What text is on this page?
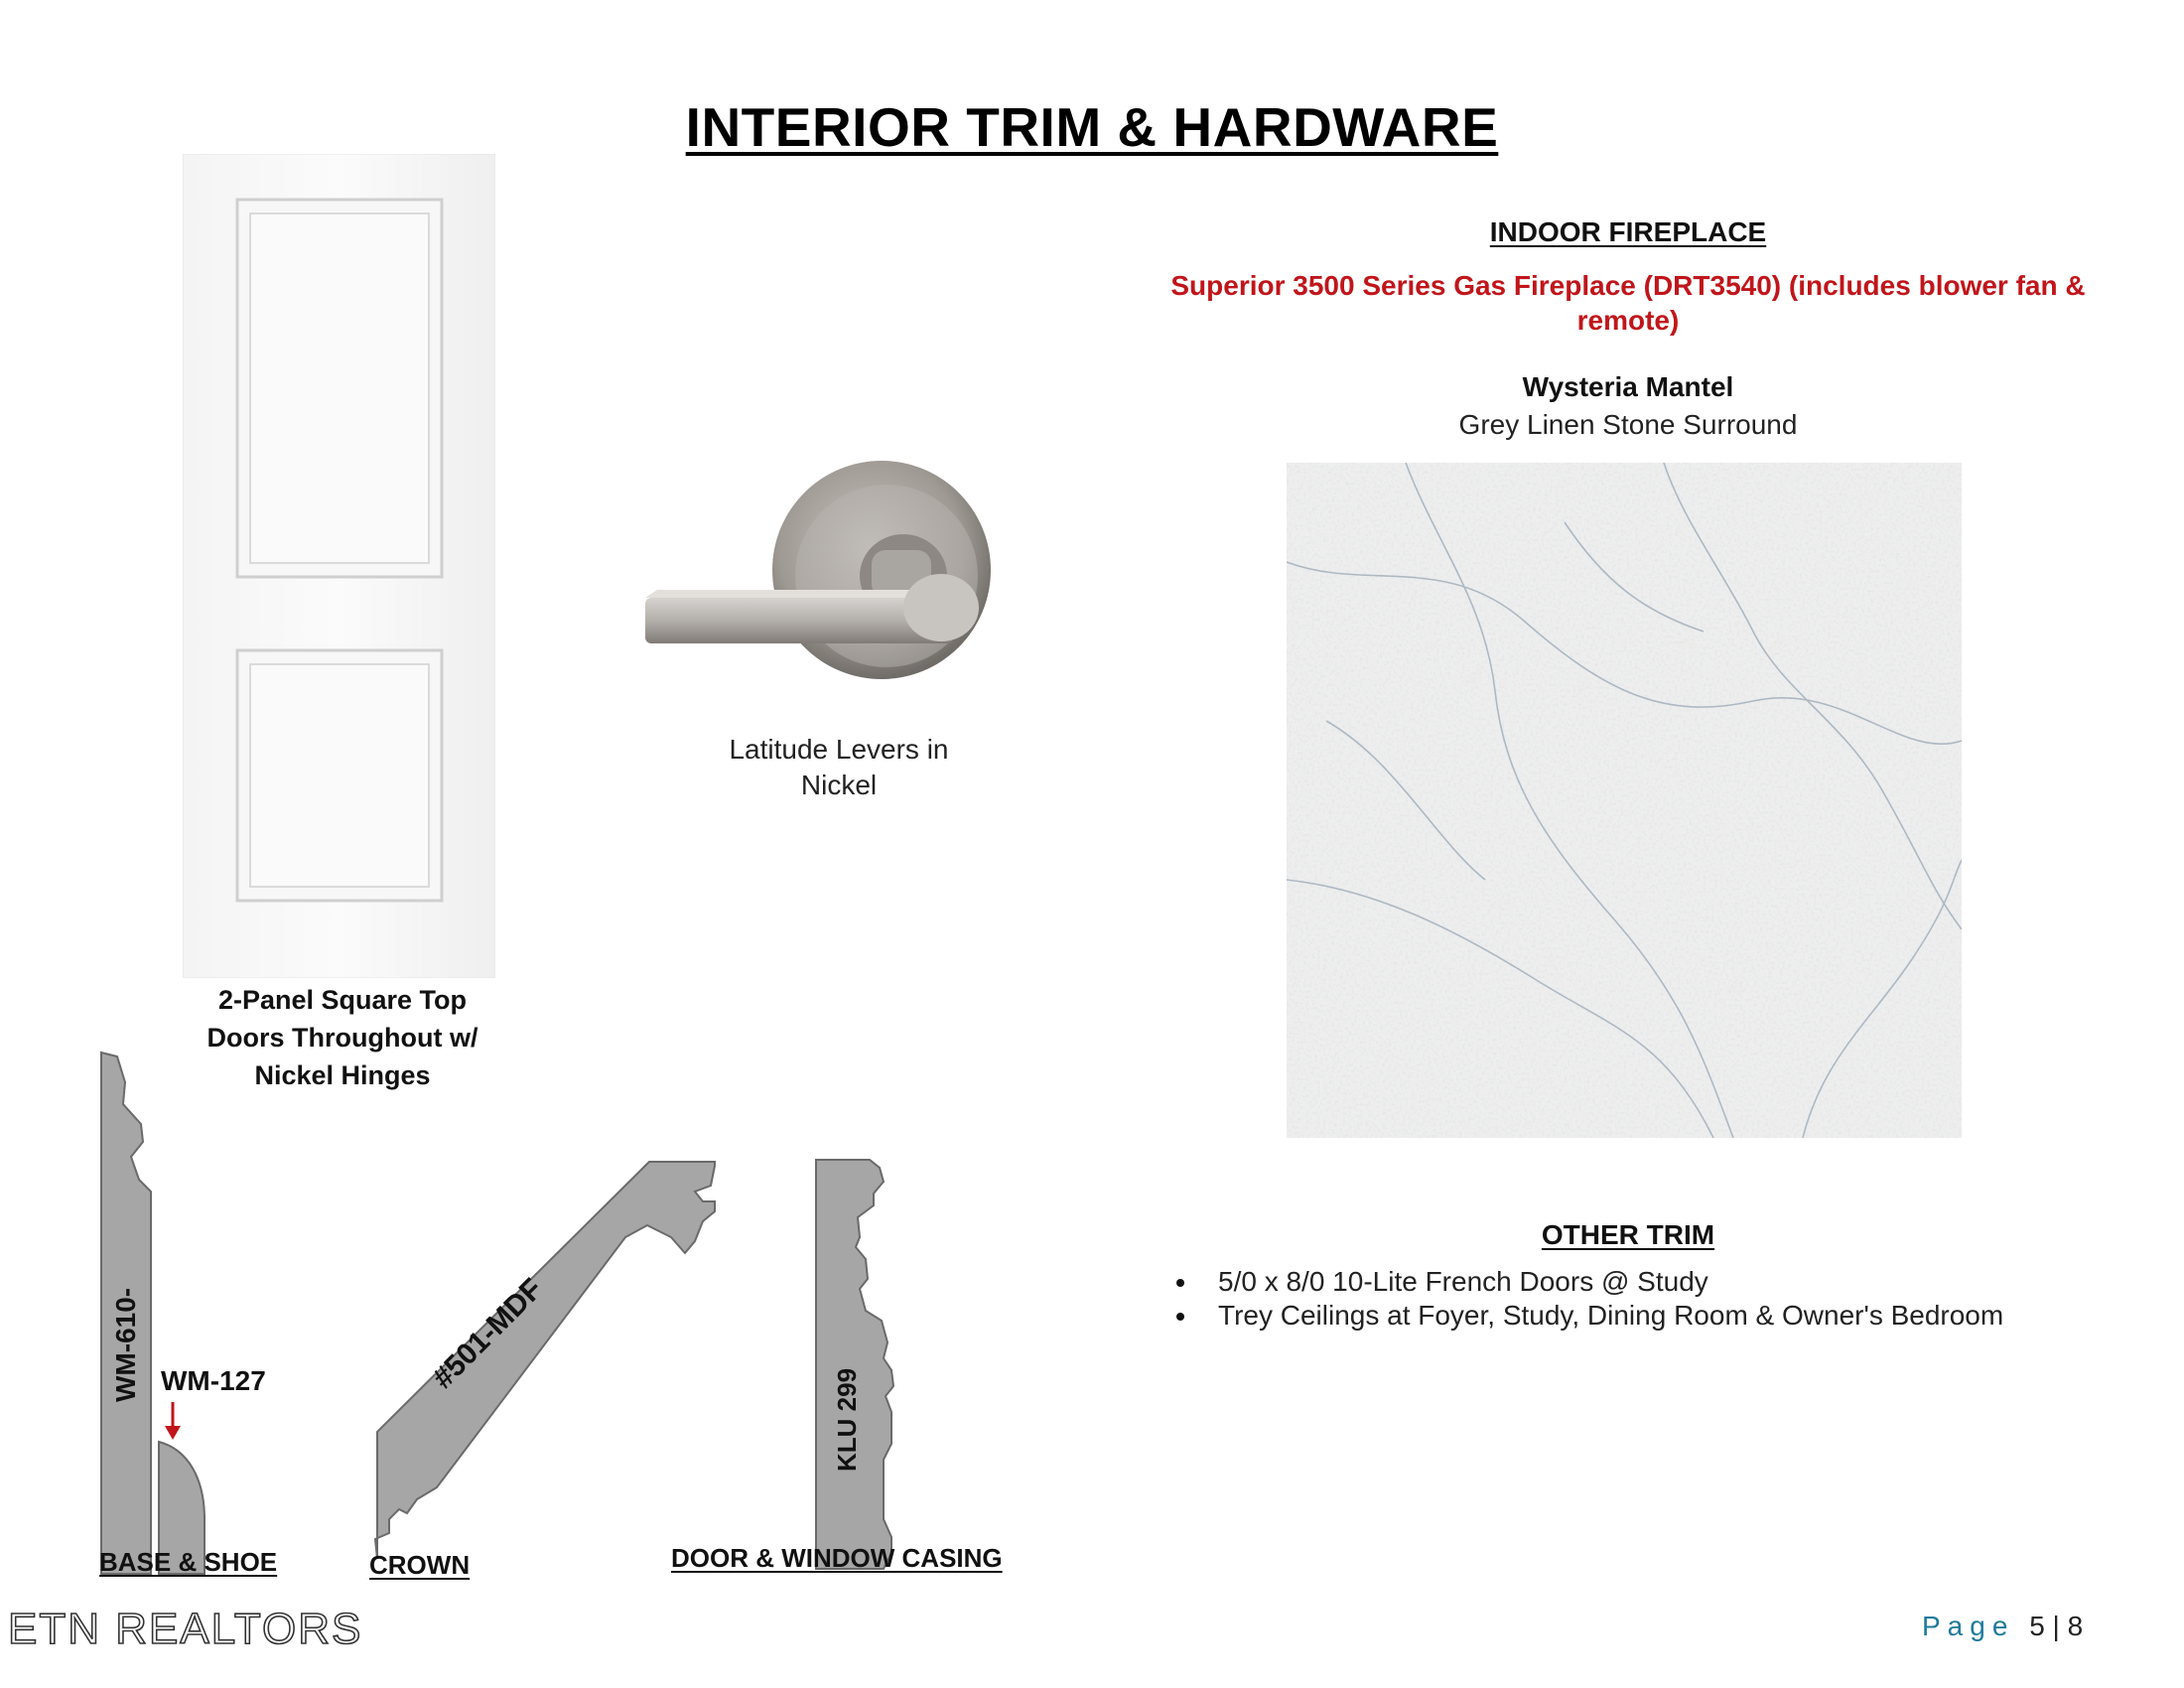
INTERIOR TRIM & HARDWARE
2-Panel Square Top
Doors Throughout w/
Nickel Hinges
Latitude Levers in
Nickel
INDOOR FIREPLACE
Superior 3500 Series Gas Fireplace (DRT3540) (includes blower fan &
remote)
Wysteria Mantel
Grey Linen Stone Surround
OTHER TRIM
5/0 x 8/0 10-Lite French Doors @ Study
Trey Ceilings at Foyer, Study, Dining Room & Owner's Bedroom
WM-610- WM-127	#501-MDF
KLU 299
BASE & SHOE	CROWN	DOOR & WINDOW CASING
ETN REALTORS	Page 5 | 8
